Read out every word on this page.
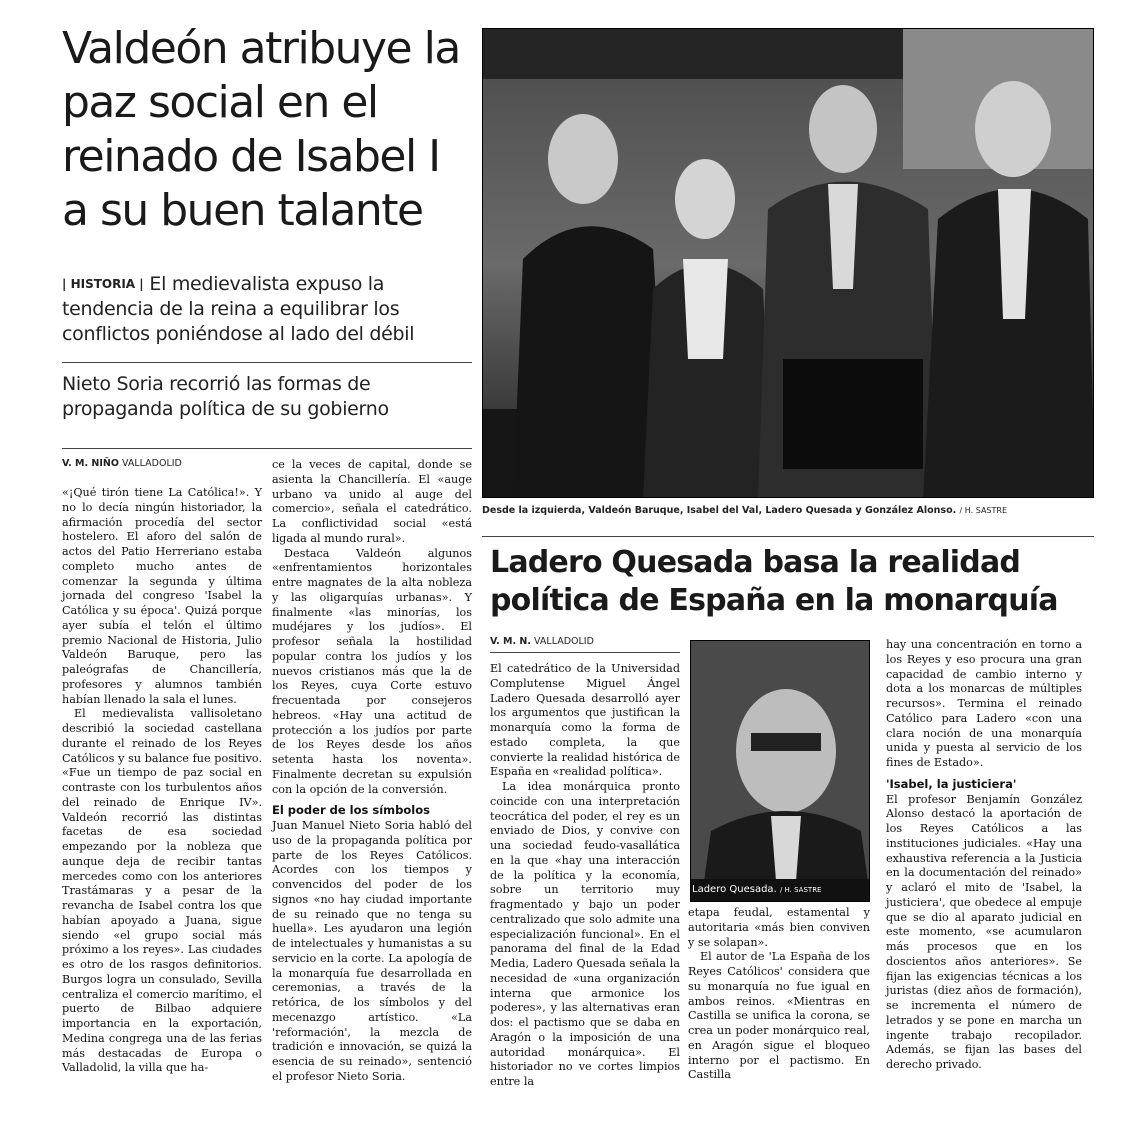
Valdeón atribuye la paz social en el reinado de Isabel I a su buen talante
| HISTORIA | El medievalista expuso la tendencia de la reina a equilibrar los conflictos poniéndose al lado del débil
Nieto Soria recorrió las formas de propaganda política de su gobierno
V. M. NIÑO VALLADOLID

«¡Qué tirón tiene La Católica!». Y no lo decía ningún historiador, la afirmación procedía del sector hostelero. El aforo del salón de actos del Patio Herreriano estaba completo mucho antes de comenzar la segunda y última jornada del congreso 'Isabel la Católica y su época'. Quizá porque ayer subía el telón el último premio Nacional de Historia, Julio Valdeón Baruque, pero las paleógrafas de Chancillería, profesores y alumnos también habían llenado la sala el lunes.

El medievalista vallisoletano describió la sociedad castellana durante el reinado de los Reyes Católicos y su balance fue positivo. «Fue un tiempo de paz social en contraste con los turbulentos años del reinado de Enrique IV». Valdeón recorrió las distintas facetas de esa sociedad empezando por la nobleza que aunque deja de recibir tantas mercedes como con los anteriores Trastámaras y a pesar de la revancha de Isabel contra los que habían apoyado a Juana, sigue siendo «el grupo social más próximo a los reyes». Las ciudades es otro de los rasgos definitorios. Burgos logra un consulado, Sevilla centraliza el comercio marítimo, el puerto de Bilbao adquiere importancia en la exportación, Medina congrega una de las ferias más destacadas de Europa o Valladolid, la villa que ha-

ce la veces de capital, donde se asienta la Chancillería. El «auge urbano va unido al auge del comercio», señala el catedrático. La conflictividad social «está ligada al mundo rural».

Destaca Valdeón algunos «enfrentamientos horizontales entre magnates de la alta nobleza y las oligarquías urbanas». Y finalmente «las minorías, los mudéjares y los judíos». El profesor señala la hostilidad popular contra los judíos y los nuevos cristianos más que la de los Reyes, cuya Corte estuvo frecuentada por consejeros hebreos. «Hay una actitud de protección a los judíos por parte de los Reyes desde los años setenta hasta los noventa». Finalmente decretan su expulsión con la opción de la conversión.

El poder de los símbolos

Juan Manuel Nieto Soria habló del uso de la propaganda política por parte de los Reyes Católicos. Acordes con los tiempos y convencidos del poder de los signos «no hay ciudad importante de su reinado que no tenga su huella». Les ayudaron una legión de intelectuales y humanistas a su servicio en la corte. La apología de la monarquía fue desarrollada en ceremonias, a través de la retórica, de los símbolos y del mecenazgo artístico. «La 'reformación', la mezcla de tradición e innovación, se quizá la esencia de su reinado», sentenció el profesor Nieto Soria.

Desde la izquierda, Valdeón Baruque, Isabel del Val, Ladero Quesada y González Alonso. / H. SASTRE
Ladero Quesada basa la realidad política de España en la monarquía
V. M. N. VALLADOLID

El catedrático de la Universidad Complutense Miguel Ángel Ladero Quesada desarrolló ayer los argumentos que justifican la monarquía como la forma de estado completa, la que convierte la realidad histórica de España en «realidad política».

La idea monárquica pronto coincide con una interpretación teocrática del poder, el rey es un enviado de Dios, y convive con una sociedad feudo-vasallática en la que «hay una interacción de la política y la economía, sobre un territorio muy fragmentado y bajo un poder centralizado que solo admite una especialización funcional». En el panorama del final de la Edad Media, Ladero Quesada señala la necesidad de «una organización interna que armonice los poderes», y las alternativas eran dos: el pactismo que se daba en Aragón o la imposición de una autoridad monárquica». El historiador no ve cortes limpios entre la

Ladero Quesada. / H. SASTRE

etapa feudal, estamental y autoritaria «más bien conviven y se solapan».

El autor de 'La España de los Reyes Católicos' considera que su monarquía no fue igual en ambos reinos. «Mientras en Castilla se unifica la corona, se crea un poder monárquico real, en Aragón sigue el bloqueo interno por el pactismo. En Castilla

hay una concentración en torno a los Reyes y eso procura una gran capacidad de cambio interno y dota a los monarcas de múltiples recursos». Termina el reinado Católico para Ladero «con una clara noción de una monarquía unida y puesta al servicio de los fines de Estado».

'Isabel, la justiciera'

El profesor Benjamín González Alonso destacó la aportación de los Reyes Católicos a las instituciones judiciales. «Hay una exhaustiva referencia a la Justicia en la documentación del reinado» y aclaró el mito de 'Isabel, la justiciera', que obedece al empuje que se dio al aparato judicial en este momento, «se acumularon más procesos que en los doscientos años anteriores». Se fijan las exigencias técnicas a los juristas (diez años de formación), se incrementa el número de letrados y se pone en marcha un ingente trabajo recopilador. Además, se fijan las bases del derecho privado.
